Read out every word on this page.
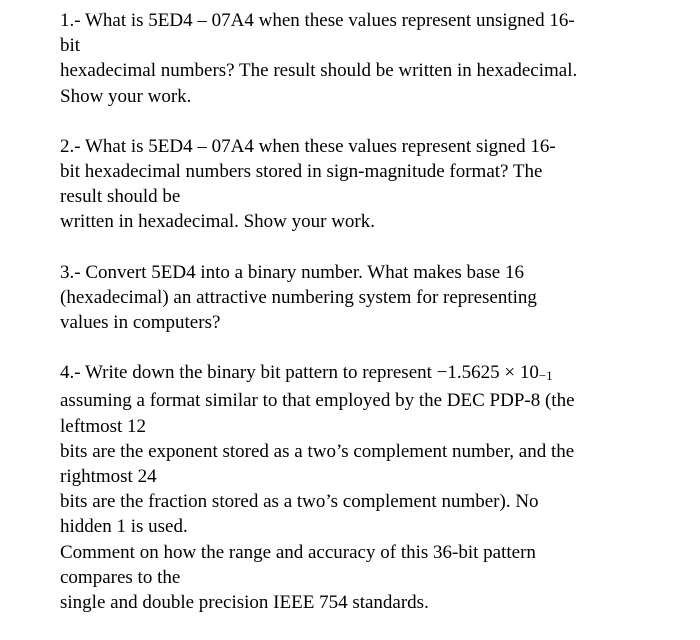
1.- What is 5ED4 – 07A4 when these values represent unsigned 16-
bit
hexadecimal numbers? The result should be written in hexadecimal.
Show your work.
2.- What is 5ED4 – 07A4 when these values represent signed 16-
bit hexadecimal numbers stored in sign-magnitude format? The
result should be
written in hexadecimal. Show your work.
3.- Convert 5ED4 into a binary number. What makes base 16
(hexadecimal) an attractive numbering system for representing
values in computers?
4.- Write down the binary bit pattern to represent −1.5625 × 10−1
assuming a format similar to that employed by the DEC PDP-8 (the
leftmost 12
bits are the exponent stored as a two’s complement number, and the
rightmost 24
bits are the fraction stored as a two’s complement number). No
hidden 1 is used.
Comment on how the range and accuracy of this 36-bit pattern
compares to the
single and double precision IEEE 754 standards.
